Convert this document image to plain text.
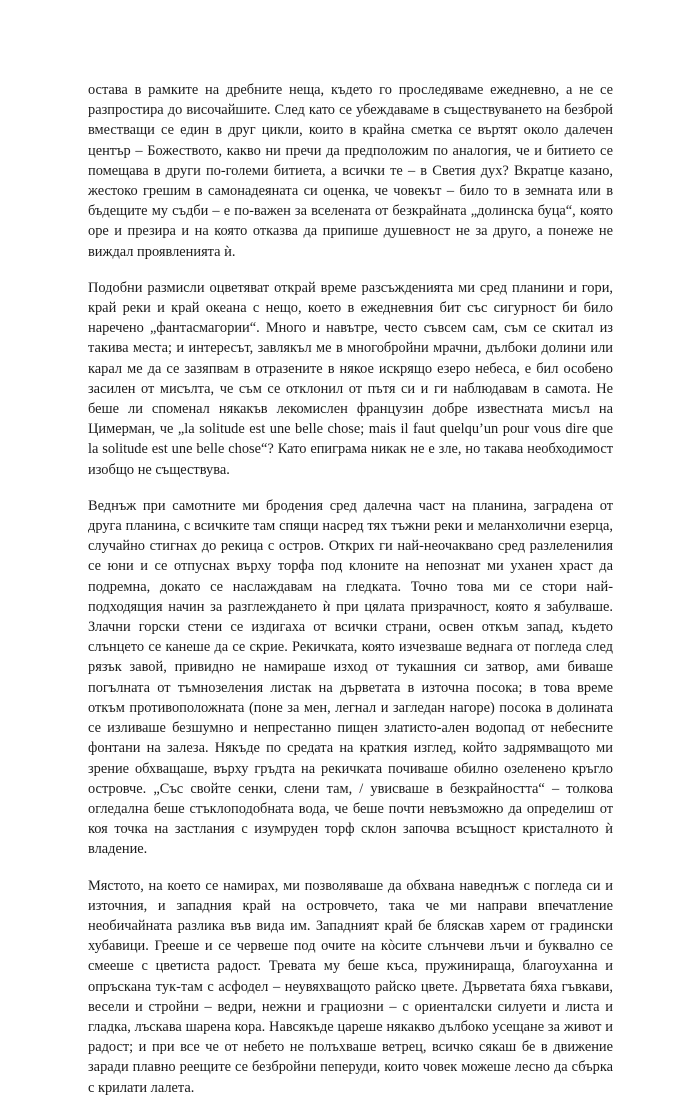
остава в рамките на дребните неща, където го проследяваме ежедневно, а не се разпростира до височайшите. След като се убеждаваме в съществуването на безброй вместващи се един в друг цикли, които в крайна сметка се въртят около далечен център – Божеството, какво ни пречи да предположим по аналогия, че и битието се помещава в други по-големи битиета, а всички те – в Светия дух? Вкратце казано, жестоко грешим в самонадеяната си оценка, че човекът – било то в земната или в бъдещите му съдби – е по-важен за вселената от безкрайната „долинска буца“, която оре и презира и на която отказва да припише душевност не за друго, а понеже не виждал проявленията ѝ.

Подобни размисли оцветяват открай време разсъжденията ми сред планини и гори, край реки и край океана с нещо, което в ежедневния бит със сигурност би било наречено „фантасмагории“. Много и навътре, често съвсем сам, съм се скитал из такива места; и интересът, завлякъл ме в многобройни мрачни, дълбоки долини или карал ме да се зазяпвам в отразените в някое искрящо езеро небеса, е бил особено засилен от мисълта, че съм се отклонил от пътя си и ги наблюдавам в самота. Не беше ли споменал някакъв лекомислен французин добре известната мисъл на Цимерман, че „la solitude est une belle chose; mais il faut quelqu’un pour vous dire que la solitude est une belle chose“? Като епиграма никак не е зле, но такава необходимост изобщо не съществува.

Веднъж при самотните ми бродения сред далечна част на планина, заградена от друга планина, с всичките там спящи насред тях тъжни реки и меланхолични езерца, случайно стигнах до рекица с остров. Открих ги най-неочаквано сред разлеленилия се юни и се отпуснах върху торфа под клоните на непознат ми уханен храст да подремна, докато се наслаждавам на гледката. Точно това ми се стори най-подходящия начин за разглеждането ѝ при цялата призрачност, която я забулваше. Злачни горски стени се издигаха от всички страни, освен откъм запад, където слънцето се канеше да се скрие. Рекичката, която изчезваше веднага от погледа след рязък завой, привидно не намираше изход от тукашния си затвор, ами биваше погълната от тъмнозеления листак на дърветата в източна посока; в това време откъм противоположната (поне за мен, легнал и загледан нагоре) посока в долината се изливаше безшумно и непрестанно пищен златисто-ален водопад от небесните фонтани на залеза. Някъде по средата на краткия изглед, който задрямващото ми зрение обхващаше, върху гръдта на рекичката почиваше обилно озеленено кръгло островче. „Със свойте сенки, слени там, / увисваше в безкрайността“ – толкова огледална беше стъклоподобната вода, че беше почти невъзможно да определиш от коя точка на застлания с изумруден торф склон започва всъщност кристалното ѝ владение.

Мястото, на което се намирах, ми позволяваше да обхвана наведнъж с погледа си и източния, и западния край на островчето, така че ми направи впечатление необичайната разлика във вида им. Западният край бе бляскав харем от градински хубавици. Грееше и се червеше под очите на кòсите слънчеви лъчи и буквално се смееше с цветиста радост. Тревата му беше къса, пружинираща, благоуханна и опръскана тук-там с асфодел – неувяхващото райско цвете. Дърветата бяха гъвкави, весели и стройни – ведри, нежни и грациозни – с ориенталски силуети и листа и гладка, лъскава шарена кора. Навсякъде цареше някакво дълбоко усещане за живот и радост; и при все че от небето не полъхваше ветрец, всичко сякаш бе в движение заради плавно реещите се безбройни пеперуди, които човек можеше лесно да сбърка с крилати лалета.
